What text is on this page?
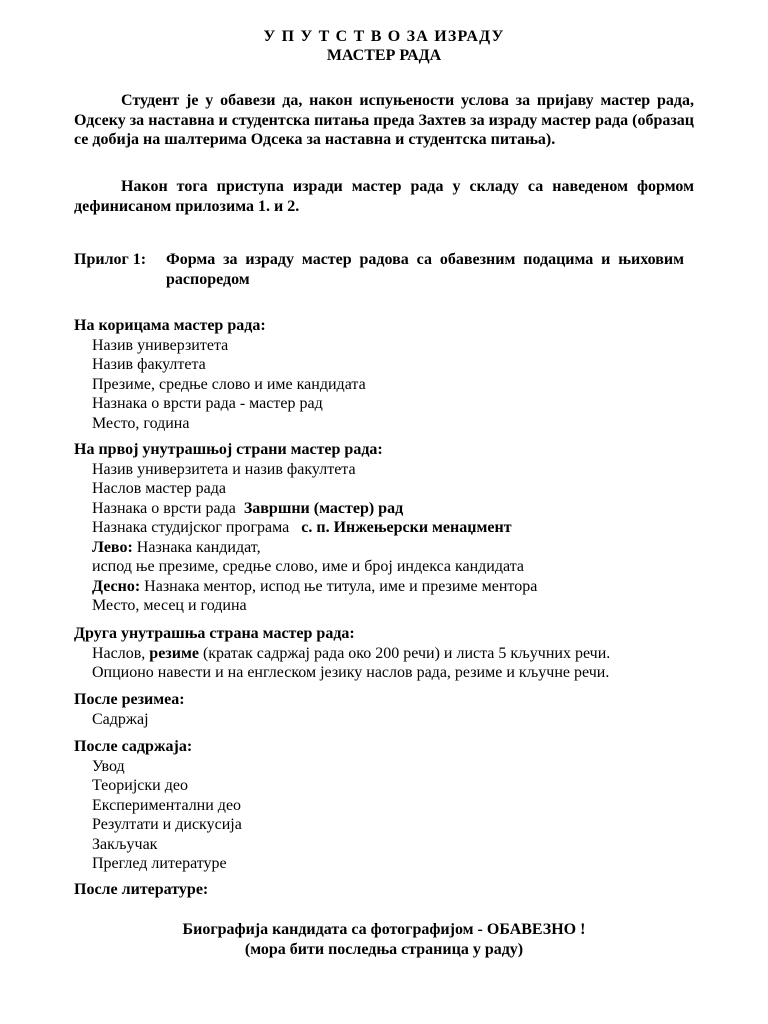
У П У Т С Т В О ЗА ИЗРАДУ
МАСТЕР РАДА

Студент је у обавези да, након испуњености услова за пријаву мастер рада, Одсеку за наставна и студентска питања преда Захтев за израду мастер рада (образац се добија на шалтерима Одсека за наставна и студентска питања).

Након тога приступа изради мастер рада у складу са наведеном формом дефинисаном прилозима 1. и 2.

Прилог 1: Форма за израду мастер радова са обавезним подацима и њиховим распоредом

На корицама мастер рада:
Назив универзитета
Назив факултета
Презиме, средње слово и име кандидата
Назнака о врсти рада - мастер рад
Место, година
На првој унутрашњој страни мастер рада:
Назив универзитета и назив факултета
Наслов мастер рада
Назнака о врсти рада Завршни (мастер) рад
Назнака студијског програма с. п. Инжењерски менаџмент
Лево: Назнака кандидат,
испод ње презиме, средње слово, име и број индекса кандидата
Десно: Назнака ментор, испод ње титула, име и презиме ментора
Место, месец и година
Друга унутрашња страна мастер рада:
Наслов, резиме (кратак садржај рада око 200 речи) и листа 5 кључних речи.
Опционо навести и на енглеском језику наслов рада, резиме и кључне речи.
После резимеа:
Садржај
После садржаја:
Увод
Теоријски део
Експериментални део
Резултати и дискусија
Закључак
Преглед литературе
После литературе:
Биографија кандидата са фотографијом - ОБАВЕЗНО !
(мора бити последња страница у раду)
